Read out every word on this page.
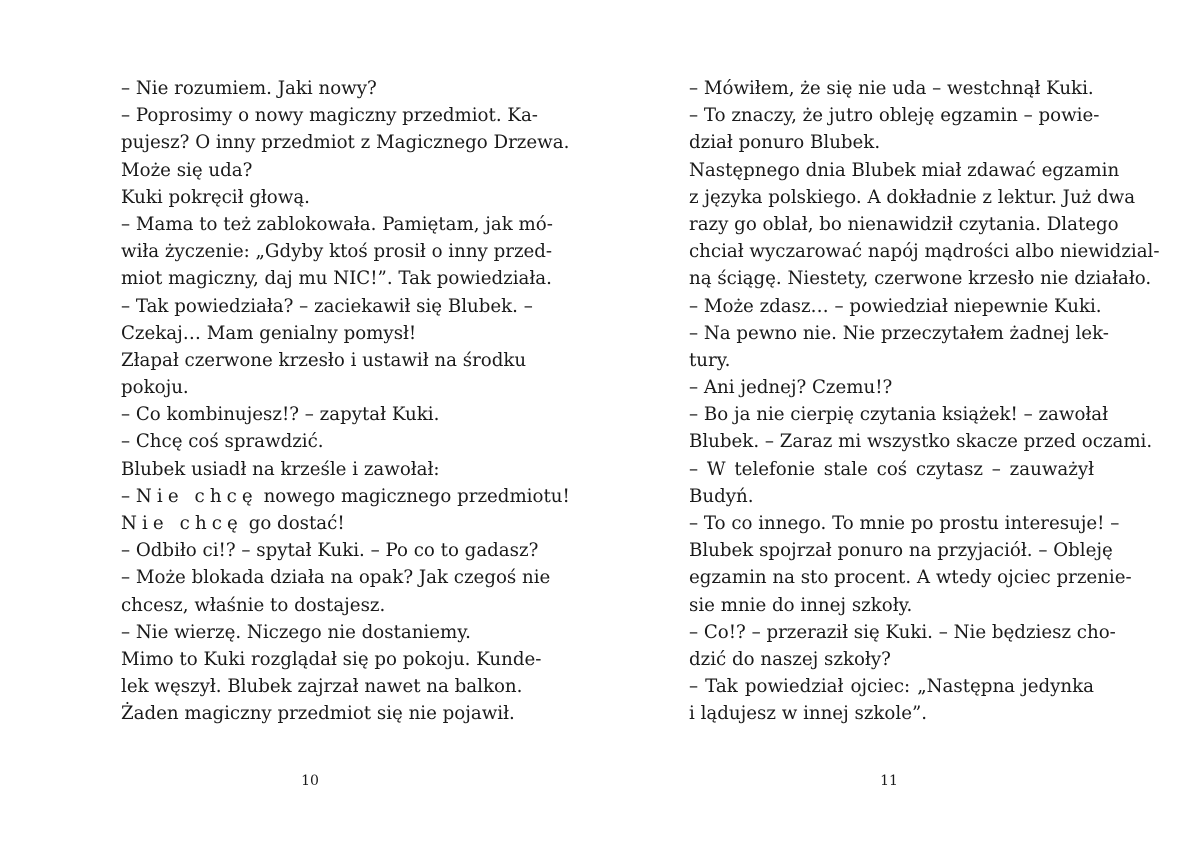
– Nie rozumiem. Jaki nowy?
– Poprosimy o nowy magiczny przedmiot. Ka-
pujesz? O inny przedmiot z Magicznego Drzewa.
Może się uda?
Kuki pokręcił głową.
– Mama to też zablokowała. Pamiętam, jak mó-
wiła życzenie: „Gdyby ktoś prosił o inny przed-
miot magiczny, daj mu NIC!”. Tak powiedziała.
– Tak powiedziała? – zaciekawił się Blubek. –
Czekaj… Mam genialny pomysł!
Złapał czerwone krzesło i ustawił na środku
pokoju.
– Co kombinujesz!? – zapytał Kuki.
– Chcę coś sprawdzić.
Blubek usiadł na krześle i zawołał:
– Nie chcę nowego magicznego przedmiotu!
Nie chcę go dostać!
– Odbiło ci!? – spytał Kuki. – Po co to gadasz?
– Może blokada działa na opak? Jak czegoś nie
chcesz, właśnie to dostajesz.
– Nie wierzę. Niczego nie dostaniemy.
Mimo to Kuki rozglądał się po pokoju. Kunde-
lek węszył. Blubek zajrzał nawet na balkon.
Żaden magiczny przedmiot się nie pojawił.
10
– Mówiłem, że się nie uda – westchnął Kuki.
– To znaczy, że jutro obleję egzamin – powie-
dział ponuro Blubek.
Następnego dnia Blubek miał zdawać egzamin
z języka polskiego. A dokładnie z lektur. Już dwa
razy go oblał, bo nienawidził czytania. Dlatego
chciał wyczarować napój mądrości albo niewidzial-
ną ściągę. Niestety, czerwone krzesło nie działało.
– Może zdasz… – powiedział niepewnie Kuki.
– Na pewno nie. Nie przeczytałem żadnej lek-
tury.
– Ani jednej? Czemu!?
– Bo ja nie cierpię czytania książek! – zawołał
Blubek. – Zaraz mi wszystko skacze przed oczami.
– W telefonie stale coś czytasz – zauważył
Budyń.
– To co innego. To mnie po prostu interesuje! –
Blubek spojrzał ponuro na przyjaciół. – Obleję
egzamin na sto procent. A wtedy ojciec przenie-
sie mnie do innej szkoły.
– Co!? – przeraził się Kuki. – Nie będziesz cho-
dzić do naszej szkoły?
– Tak powiedział ojciec: „Następna jedynka
i lądujesz w innej szkole”.
11
